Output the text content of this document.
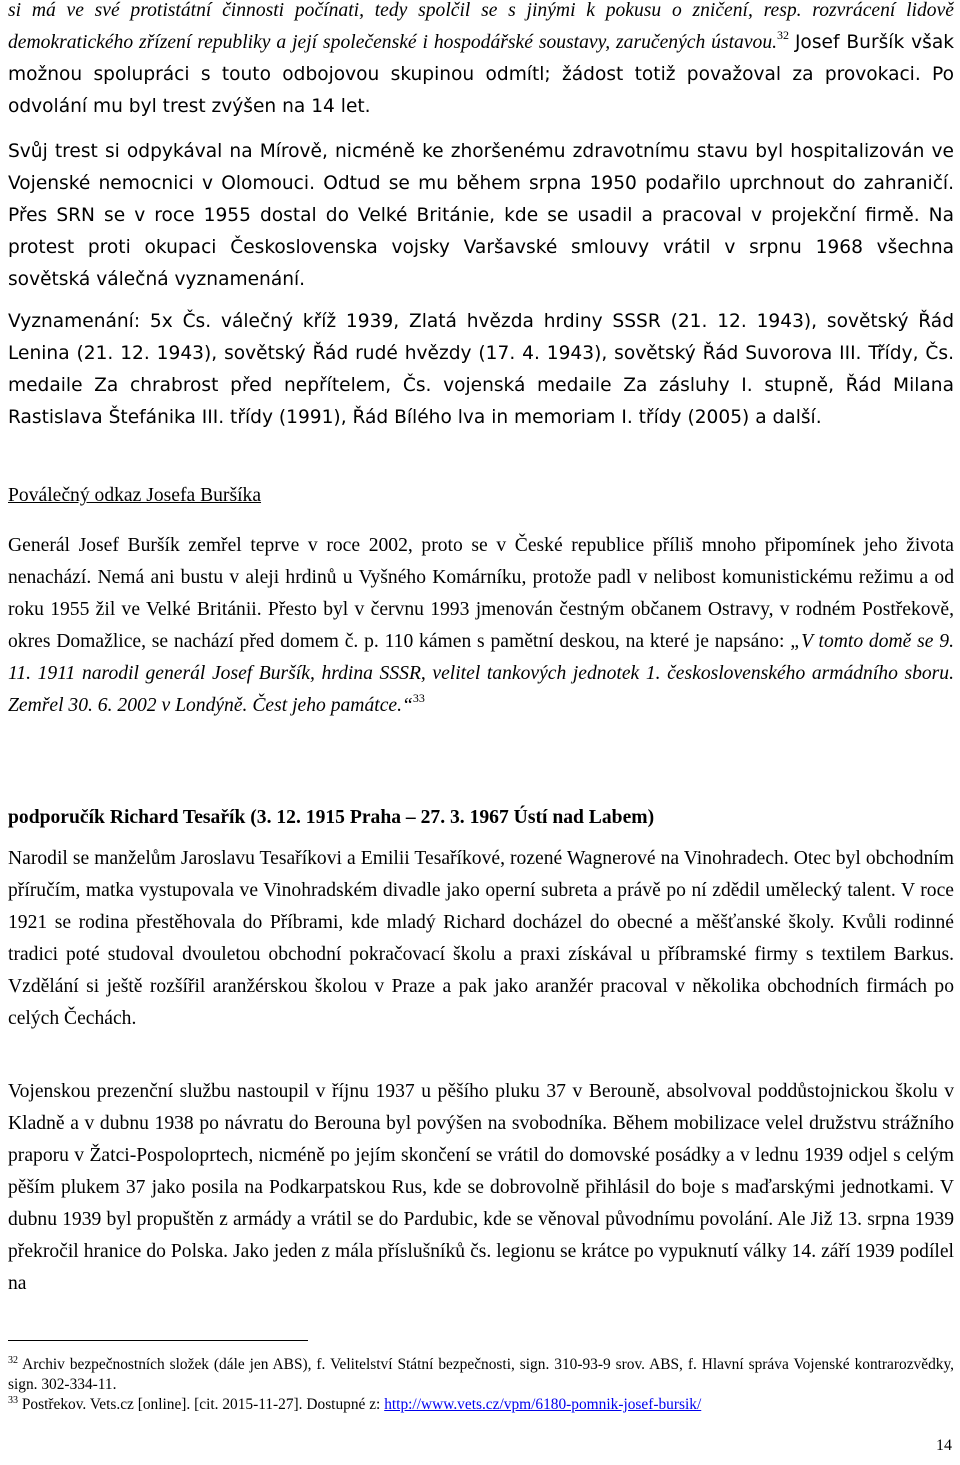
si má ve své protistátní činnosti počínati, tedy spolčil se s jinými k pokusu o zničení, resp. rozvrácení lidově demokratického zřízení republiky a její společenské i hospodářské soustavy, zaručených ústavou.$^{32}$ Josef Buršík však možnou spolupráci s touto odbojovou skupinou odmítl; žádost totiž považoval za provokaci. Po odvolání mu byl trest zvýšen na 14 let.

Svůj trest si odpykával na Mírově, nicméně ke zhoršenému zdravotnímu stavu byl hospitalizován ve Vojenské nemocnici v Olomouci. Odtud se mu během srpna 1950 podařilo uprchnout do zahraničí. Přes SRN se v roce 1955 dostal do Velké Británie, kde se usadil a pracoval v projekční firmě. Na protest proti okupaci Československa vojsky Varšavské smlouvy vrátil v srpnu 1968 všechna sovětská válečná vyznamenání.

Vyznamenání: 5x Čs. válečný kříž 1939, Zlatá hvězda hrdiny SSSR (21. 12. 1943), sovětský Řád Lenina (21. 12. 1943), sovětský Řád rudé hvězdy (17. 4. 1943), sovětský Řád Suvorova III. Třídy, Čs. medaile Za chrabrost před nepřítelem, Čs. vojenská medaile Za zásluhy I. stupně, Řád Milana Rastislava Štefánika III. třídy (1991), Řád Bílého lva in memoriam I. třídy (2005) a další.

Poválečný odkaz Josefa Buršíka

Generál Josef Buršík zemřel teprve v roce 2002, proto se v České republice příliš mnoho připomínek jeho života nenachází. Nemá ani bustu v aleji hrdinů u Vyšného Komárníku, protože padl v nelibost komunistickému režimu a od roku 1955 žil ve Velké Británii. Přesto byl v červnu 1993 jmenován čestným občanem Ostravy, v rodném Postřekově, okres Domažlice, se nachází před domem č. p. 110 kámen s pamětní deskou, na které je napsáno: „V tomto domě se 9. 11. 1911 narodil generál Josef Buršík, hrdina SSSR, velitel tankových jednotek 1. československého armádního sboru. Zemřel 30. 6. 2002 v Londýně. Čest jeho památce.“$^{33}$

podporučík Richard Tesařík (3. 12. 1915 Praha – 27. 3. 1967 Ústí nad Labem)

Narodil se manželům Jaroslavu Tesaříkovi a Emilii Tesaříkové, rozené Wagnerové na Vinohradech. Otec byl obchodním příručím, matka vystupovala ve Vinohradském divadle jako operní subreta a právě po ní zdědil umělecký talent. V roce 1921 se rodina přestěhovala do Příbrami, kde mladý Richard docházel do obecné a měšťanské školy. Kvůli rodinné tradici poté studoval dvouletou obchodní pokračovací školu a praxi získával u příbramské firmy s textilem Barkus. Vzdělání si ještě rozšířil aranžérskou školou v Praze a pak jako aranžér pracoval v několika obchodních firmách po celých Čechách.

Vojenskou prezenční službu nastoupil v říjnu 1937 u pěšího pluku 37 v Berouně, absolvoval poddůstojnickou školu v Kladně a v dubnu 1938 po návratu do Berouna byl povýšen na svobodníka. Během mobilizace velel družstvu strážního praporu v Žatci-Pospoloprtech, nicméně po jejím skončení se vrátil do domovské posádky a v lednu 1939 odjel s celým pěším plukem 37 jako posila na Podkarpatskou Rus, kde se dobrovolně přihlásil do boje s maďarskými jednotkami. V dubnu 1939 byl propuštěn z armády a vrátil se do Pardubic, kde se věnoval původnímu povolání. Ale Již 13. srpna 1939 překročil hranice do Polska. Jako jeden z mála příslušníků čs. legionu se krátce po vypuknutí války 14. září 1939 podílel na

$^{32}$ Archiv bezpečnostních složek (dále jen ABS), f. Velitelství Státní bezpečnosti, sign. 310-93-9 srov. ABS, f. Hlavní správa Vojenské kontrarozvědky, sign. 302-334-11.

$^{33}$ Postřekov. Vets.cz [online]. [cit. 2015-11-27]. Dostupné z: http://www.vets.cz/vpm/6180-pomnik-josef-bursik/

14
